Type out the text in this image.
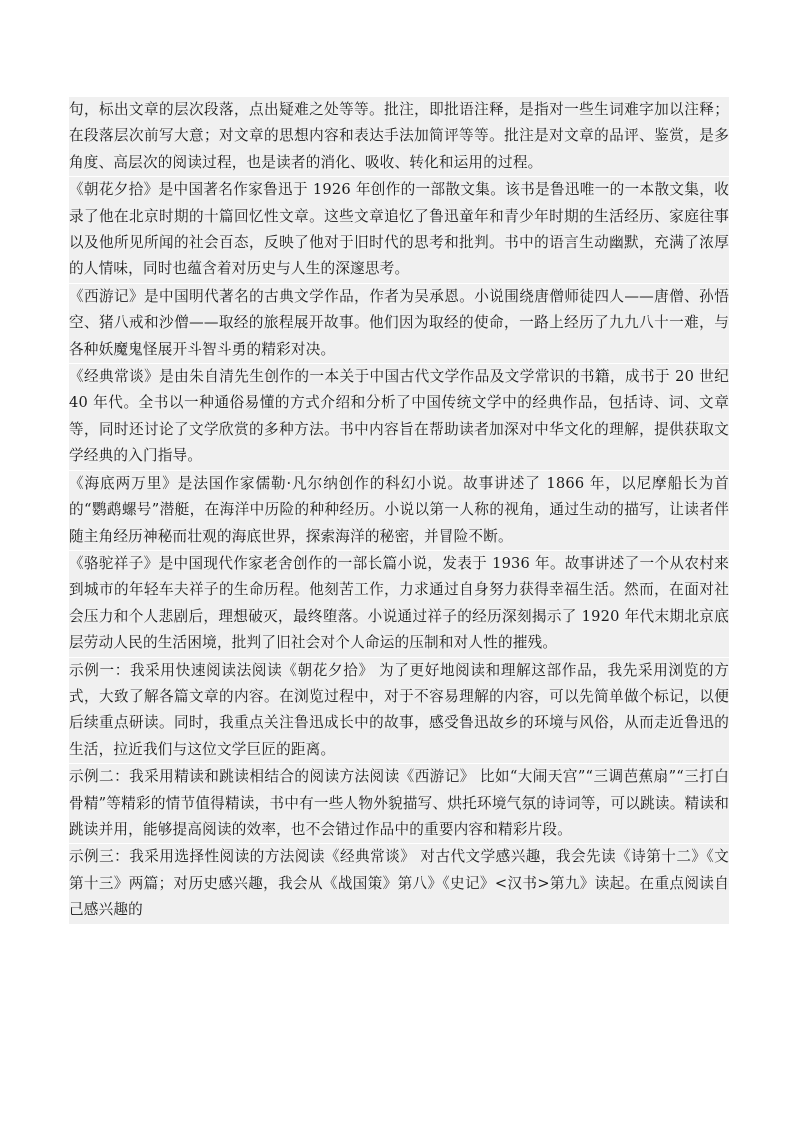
句，标出文章的层次段落，点出疑难之处等等。批注，即批语注释，是指对一些生词难字加以注释；在段落层次前写大意；对文章的思想内容和表达手法加简评等等。批注是对文章的品评、鉴赏，是多角度、高层次的阅读过程，也是读者的消化、吸收、转化和运用的过程。

《朝花夕拾》是中国著名作家鲁迅于 1926 年创作的一部散文集。该书是鲁迅唯一的一本散文集，收录了他在北京时期的十篇回忆性文章。这些文章追忆了鲁迅童年和青少年时期的生活经历、家庭往事以及他所见所闻的社会百态，反映了他对于旧时代的思考和批判。书中的语言生动幽默，充满了浓厚的人情味，同时也蕴含着对历史与人生的深邃思考。

《西游记》是中国明代著名的古典文学作品，作者为吴承恩。小说围绕唐僧师徒四人——唐僧、孙悟空、猪八戒和沙僧——取经的旅程展开故事。他们因为取经的使命，一路上经历了九九八十一难，与各种妖魔鬼怪展开斗智斗勇的精彩对决。

《经典常谈》是由朱自清先生创作的一本关于中国古代文学作品及文学常识的书籍，成书于 20 世纪 40 年代。全书以一种通俗易懂的方式介绍和分析了中国传统文学中的经典作品，包括诗、词、文章等，同时还讨论了文学欣赏的多种方法。书中内容旨在帮助读者加深对中华文化的理解，提供获取文学经典的入门指导。

《海底两万里》是法国作家儒勒·凡尔纳创作的科幻小说。故事讲述了 1866 年，以尼摩船长为首的“鹦鹉螺号”潜艇，在海洋中历险的种种经历。小说以第一人称的视角，通过生动的描写，让读者伴随主角经历神秘而壮观的海底世界，探索海洋的秘密，并冒险不断。

《骆驼祥子》是中国现代作家老舍创作的一部长篇小说，发表于 1936 年。故事讲述了一个从农村来到城市的年轻车夫祥子的生命历程。他刻苦工作，力求通过自身努力获得幸福生活。然而，在面对社会压力和个人悲剧后，理想破灭，最终堕落。小说通过祥子的经历深刻揭示了 1920 年代末期北京底层劳动人民的生活困境，批判了旧社会对个人命运的压制和对人性的摧残。

示例一：我采用快速阅读法阅读《朝花夕拾》 为了更好地阅读和理解这部作品，我先采用浏览的方式，大致了解各篇文章的内容。在浏览过程中，对于不容易理解的内容，可以先简单做个标记，以便后续重点研读。同时，我重点关注鲁迅成长中的故事，感受鲁迅故乡的环境与风俗，从而走近鲁迅的生活，拉近我们与这位文学巨匠的距离。

示例二：我采用精读和跳读相结合的阅读方法阅读《西游记》 比如“大闹天宫”“三调芭蕉扇”“三打白骨精”等精彩的情节值得精读，书中有一些人物外貌描写、烘托环境气氛的诗词等，可以跳读。精读和跳读并用，能够提高阅读的效率，也不会错过作品中的重要内容和精彩片段。

示例三：我采用选择性阅读的方法阅读《经典常谈》 对古代文学感兴趣，我会先读《诗第十二》《文第十三》两篇；对历史感兴趣，我会从《战国策》第八》《史记》<汉书>第九》读起。在重点阅读自己感兴趣的
